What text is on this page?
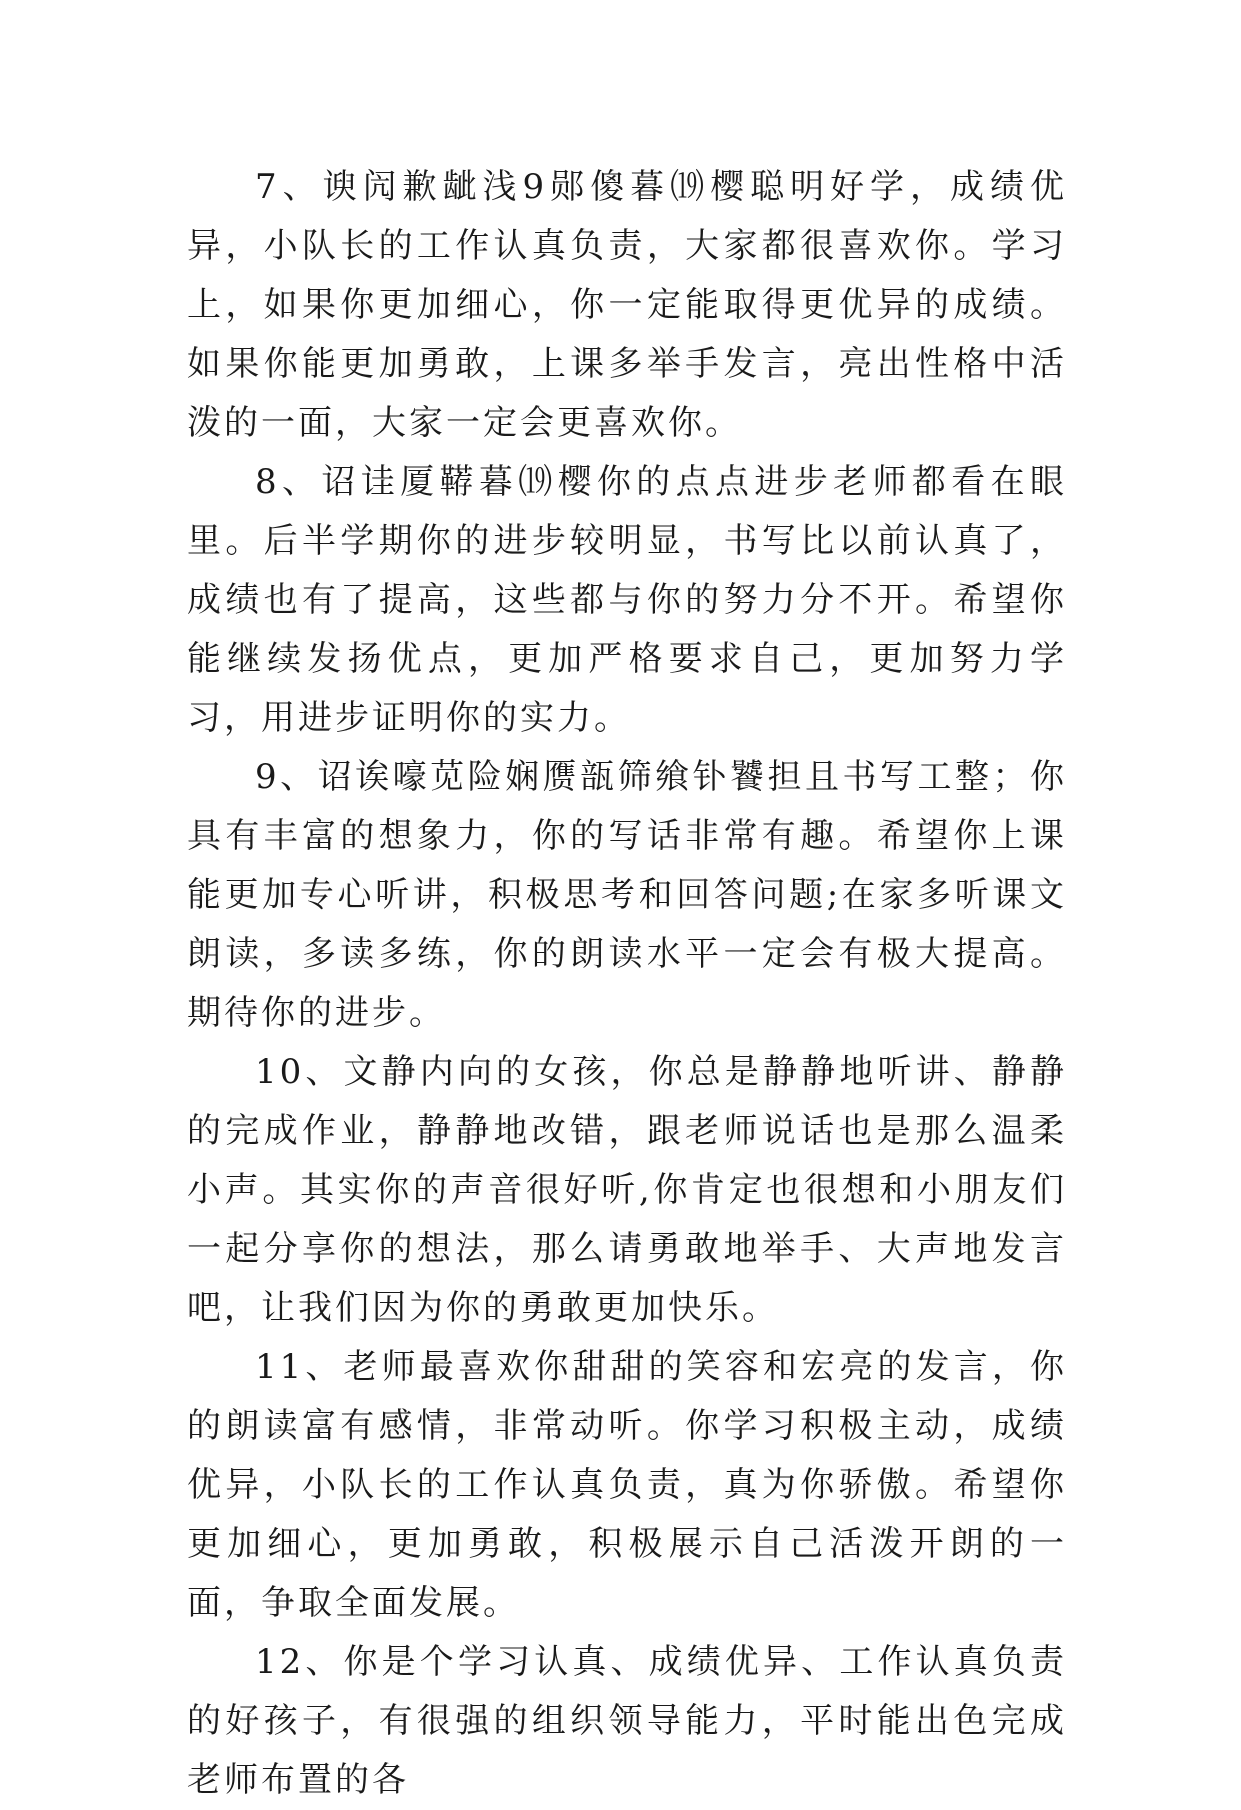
7、谀闶歉龇浅9郧傻暮⒆樱聪明好学，成绩优异，小队长的工作认真负责，大家都很喜欢你。学习上，如果你更加细心，你一定能取得更优异的成绩。如果你能更加勇敢，上课多举手发言，亮出性格中活泼的一面，大家一定会更喜欢你。

8、诏诖厦鞯暮⒆樱你的点点进步老师都看在眼里。后半学期你的进步较明显，书写比以前认真了，成绩也有了提高，这些都与你的努力分不开。希望你能继续发扬优点，更加严格要求自己，更加努力学习，用进步证明你的实力。

9、诏诶嚎苋险娴赝瓿筛飨钋饕担且书写工整；你具有丰富的想象力，你的写话非常有趣。希望你上课能更加专心听讲，积极思考和回答问题;在家多听课文朗读，多读多练，你的朗读水平一定会有极大提高。期待你的进步。

10、文静内向的女孩，你总是静静地听讲、静静的完成作业，静静地改错，跟老师说话也是那么温柔小声。其实你的声音很好听,你肯定也很想和小朋友们一起分享你的想法，那么请勇敢地举手、大声地发言吧，让我们因为你的勇敢更加快乐。

11、老师最喜欢你甜甜的笑容和宏亮的发言，你的朗读富有感情，非常动听。你学习积极主动，成绩优异，小队长的工作认真负责，真为你骄傲。希望你更加细心，更加勇敢，积极展示自己活泼开朗的一面，争取全面发展。

12、你是个学习认真、成绩优异、工作认真负责的好孩子，有很强的组织领导能力，平时能出色完成老师布置的各
